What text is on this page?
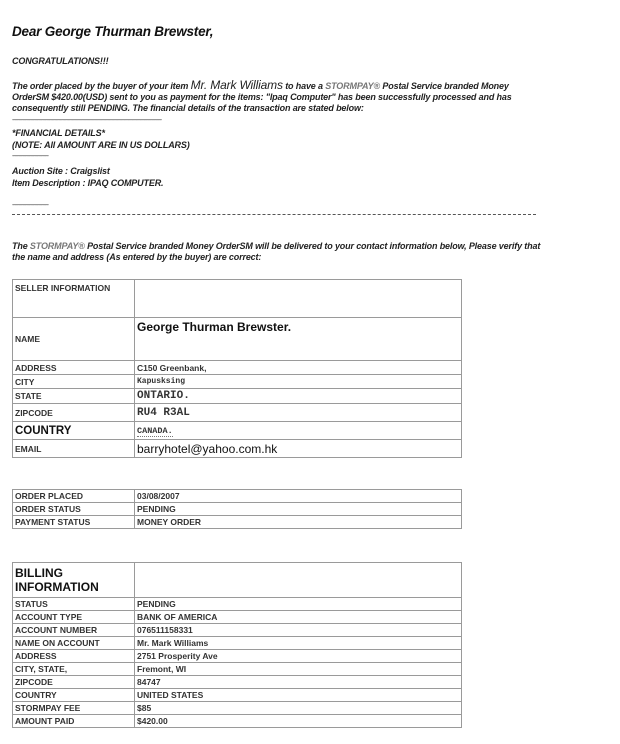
Dear George Thurman Brewster,
CONGRATULATIONS!!!
The order placed by the buyer of your item Mr. Mark Williams to have a STORMPAY® Postal Service branded Money
OrderSM $420.00(USD) sent to you as payment for the items: "Ipaq Computer" has been successfully processed and has
consequently still PENDING. The financial details of the transaction are stated below:
----------------------------------------------------------------------------------------------------------------
*FINANCIAL DETAILS*
(NOTE: All AMOUNT ARE IN US DOLLARS)
---------------------------
Auction Site : Craigslist
Item Description : IPAQ COMPUTER.
---------------------------
The STORMPAY® Postal Service branded Money OrderSM will be delivered to your contact information below, Please verify that
the name and address (As entered by the buyer) are correct:
SELLER INFORMATION	
NAME	George Thurman Brewster.
ADDRESS	C150 Greenbank,
CITY	Kapusksing
STATE	ONTARIO.
ZIPCODE	RU4 R3AL
COUNTRY	CANADA.
EMAIL	barryhotel@yahoo.com.hk
ORDER PLACED	03/08/2007
ORDER STATUS	PENDING
PAYMENT STATUS	MONEY ORDER
BILLING INFORMATION	
STATUS	PENDING
ACCOUNT TYPE	BANK OF AMERICA
ACCOUNT NUMBER	076511158331
NAME ON ACCOUNT	Mr. Mark Williams
ADDRESS	2751 Prosperity Ave
CITY, STATE,	Fremont, WI
ZIPCODE	84747
COUNTRY	UNITED STATES
STORMPAY FEE	$85
AMOUNT PAID	$420.00
